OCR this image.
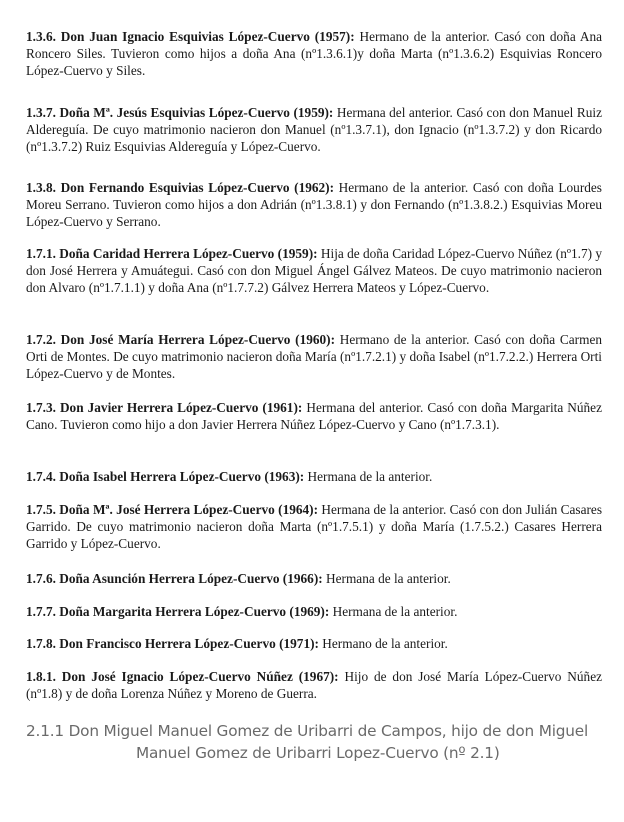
1.3.6. Don Juan Ignacio Esquivias López-Cuervo (1957): Hermano de la anterior. Casó con doña Ana Roncero Siles. Tuvieron como hijos a doña Ana (nº1.3.6.1)y doña Marta (nº1.3.6.2) Esquivias Roncero López-Cuervo y Siles.

1.3.7. Doña Mª. Jesús Esquivias López-Cuervo (1959): Hermana del anterior. Casó con don Manuel Ruiz Aldereguía. De cuyo matrimonio nacieron don Manuel (nº1.3.7.1), don Ignacio (nº1.3.7.2) y don Ricardo (nº1.3.7.2) Ruiz Esquivias Aldereguía y López-Cuervo.

1.3.8. Don Fernando Esquivias López-Cuervo (1962): Hermano de la anterior. Casó con doña Lourdes Moreu Serrano. Tuvieron como hijos a don Adrián (nº1.3.8.1) y don Fernando (nº1.3.8.2.) Esquivias Moreu López-Cuervo y Serrano.

1.7.1. Doña Caridad Herrera López-Cuervo (1959): Hija de doña Caridad López-Cuervo Núñez (nº1.7) y don José Herrera y Amuátegui. Casó con don Miguel Ángel Gálvez Mateos. De cuyo matrimonio nacieron don Alvaro (nº1.7.1.1) y doña Ana (nº1.7.7.2) Gálvez Herrera Mateos y López-Cuervo.

1.7.2. Don José María Herrera López-Cuervo (1960): Hermano de la anterior. Casó con doña Carmen Orti de Montes. De cuyo matrimonio nacieron doña María (nº1.7.2.1) y doña Isabel (nº1.7.2.2.) Herrera Orti López-Cuervo y de Montes.

1.7.3. Don Javier Herrera López-Cuervo (1961): Hermana del anterior. Casó con doña Margarita Núñez Cano. Tuvieron como hijo a don Javier Herrera Núñez López-Cuervo y Cano (nº1.7.3.1).

1.7.4. Doña Isabel Herrera López-Cuervo (1963): Hermana de la anterior.

1.7.5. Doña Mª. José Herrera López-Cuervo (1964): Hermana de la anterior. Casó con don Julián Casares Garrido. De cuyo matrimonio nacieron doña Marta (nº1.7.5.1) y doña María (1.7.5.2.) Casares Herrera Garrido y López-Cuervo.

1.7.6. Doña Asunción Herrera López-Cuervo (1966): Hermana de la anterior.

1.7.7. Doña Margarita Herrera López-Cuervo (1969): Hermana de la anterior.

1.7.8. Don Francisco Herrera López-Cuervo (1971): Hermano de la anterior.

1.8.1. Don José Ignacio López-Cuervo Núñez (1967): Hijo de don José María López-Cuervo Núñez (nº1.8) y de doña Lorenza Núñez y Moreno de Guerra.

2.1.1 Don Miguel Manuel Gomez de Uribarri de Campos, hijo de don Miguel
Manuel Gomez de Uribarri Lopez-Cuervo (nº 2.1)
